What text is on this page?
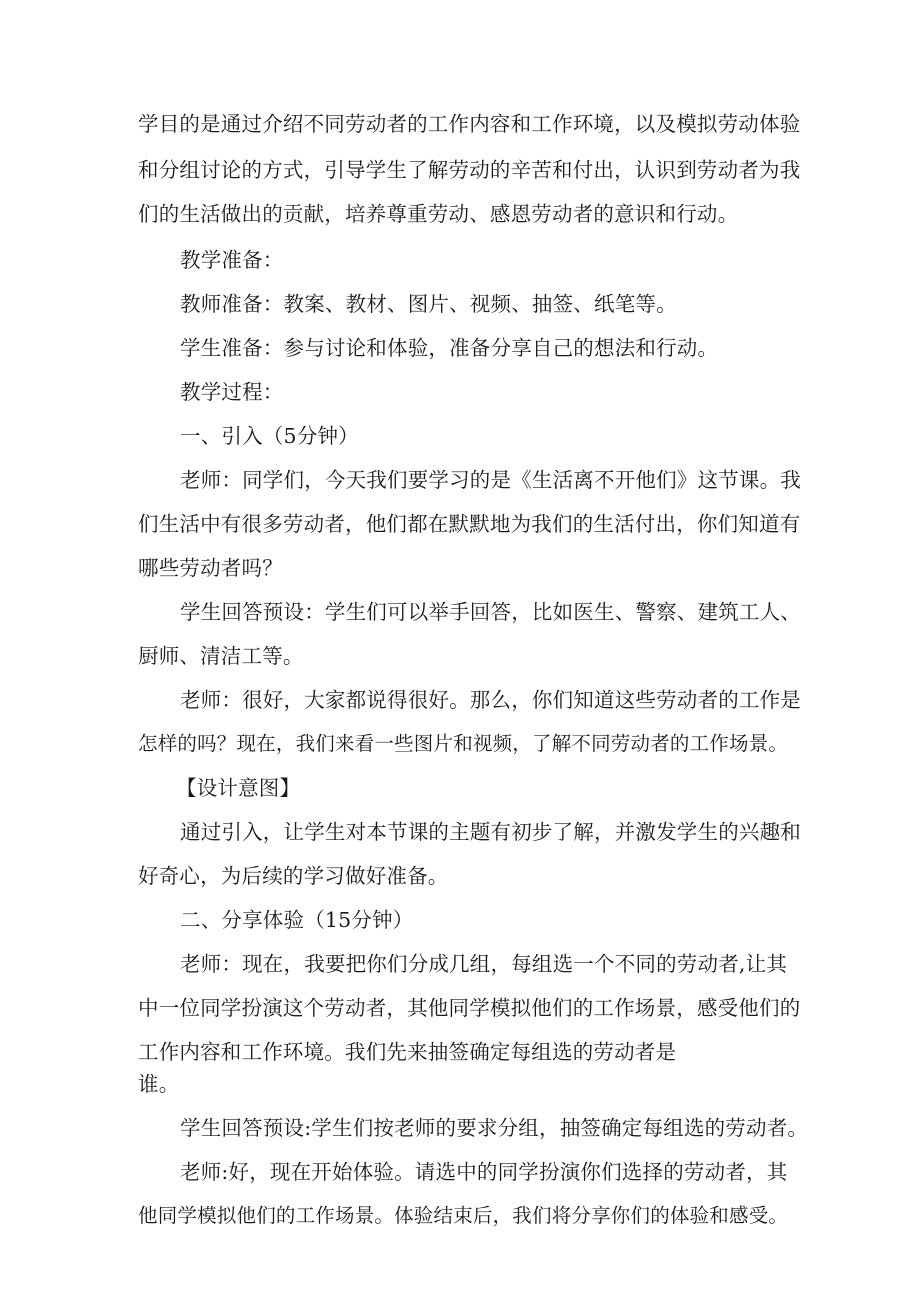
学目的是通过介绍不同劳动者的工作内容和工作环境，以及模拟劳动体验

和分组讨论的方式，引导学生了解劳动的辛苦和付出，认识到劳动者为我

们的生活做出的贡献，培养尊重劳动、感恩劳动者的意识和行动。

教学准备：

教师准备：教案、教材、图片、视频、抽签、纸笔等。

学生准备：参与讨论和体验，准备分享自己的想法和行动。

教学过程：

一、引入（5分钟）

老师：同学们，今天我们要学习的是《生活离不开他们》这节课。我

们生活中有很多劳动者，他们都在默默地为我们的生活付出，你们知道有

哪些劳动者吗？

学生回答预设：学生们可以举手回答，比如医生、警察、建筑工人、

厨师、清洁工等。

老师：很好，大家都说得很好。那么，你们知道这些劳动者的工作是

怎样的吗？现在，我们来看一些图片和视频，了解不同劳动者的工作场景。

【设计意图】

通过引入，让学生对本节课的主题有初步了解，并激发学生的兴趣和

好奇心，为后续的学习做好准备。

二、分享体验（15分钟）

老师：现在，我要把你们分成几组，每组选一个不同的劳动者,让其

中一位同学扮演这个劳动者，其他同学模拟他们的工作场景，感受他们的

工作内容和工作环境。我们先来抽签确定每组选的劳动者是

谁。

学生回答预设:学生们按老师的要求分组，抽签确定每组选的劳动者。

老师:好，现在开始体验。请选中的同学扮演你们选择的劳动者，其

他同学模拟他们的工作场景。体验结束后，我们将分享你们的体验和感受。
